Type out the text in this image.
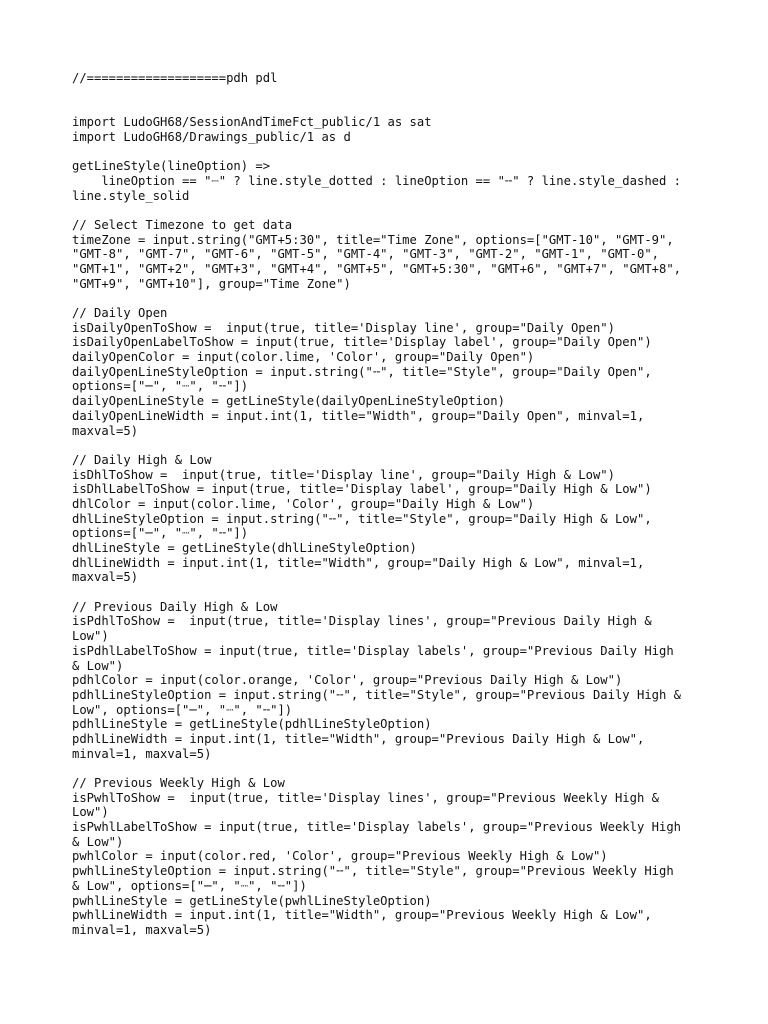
//===================pdh pdl
import LudoGH68/SessionAndTimeFct_public/1 as sat
import LudoGH68/Drawings_public/1 as d
getLineStyle(lineOption) =>
lineOption == "┈" ? line.style_dotted : lineOption == "╌" ? line.style_dashed :
line.style_solid
// Select Timezone to get data
timeZone = input.string("GMT+5:30", title="Time Zone", options=["GMT-10", "GMT-9",
"GMT-8", "GMT-7", "GMT-6", "GMT-5", "GMT-4", "GMT-3", "GMT-2", "GMT-1", "GMT-0",
"GMT+1", "GMT+2", "GMT+3", "GMT+4", "GMT+5", "GMT+5:30", "GMT+6", "GMT+7", "GMT+8",
"GMT+9", "GMT+10"], group="Time Zone")
// Daily Open
isDailyOpenToShow =  input(true, title='Display line', group="Daily Open")
isDailyOpenLabelToShow = input(true, title='Display label', group="Daily Open")
dailyOpenColor = input(color.lime, 'Color', group="Daily Open")
dailyOpenLineStyleOption = input.string("╌", title="Style", group="Daily Open",
options=["─", "┈", "╌"])
dailyOpenLineStyle = getLineStyle(dailyOpenLineStyleOption)
dailyOpenLineWidth = input.int(1, title="Width", group="Daily Open", minval=1,
maxval=5)
// Daily High & Low
isDhlToShow =  input(true, title='Display line', group="Daily High & Low")
isDhlLabelToShow = input(true, title='Display label', group="Daily High & Low")
dhlColor = input(color.lime, 'Color', group="Daily High & Low")
dhlLineStyleOption = input.string("╌", title="Style", group="Daily High & Low",
options=["─", "┈", "╌"])
dhlLineStyle = getLineStyle(dhlLineStyleOption)
dhlLineWidth = input.int(1, title="Width", group="Daily High & Low", minval=1,
maxval=5)
// Previous Daily High & Low
isPdhlToShow =  input(true, title='Display lines', group="Previous Daily High &
Low")
isPdhlLabelToShow = input(true, title='Display labels', group="Previous Daily High
& Low")
pdhlColor = input(color.orange, 'Color', group="Previous Daily High & Low")
pdhlLineStyleOption = input.string("╌", title="Style", group="Previous Daily High &
Low", options=["─", "┈", "╌"])
pdhlLineStyle = getLineStyle(pdhlLineStyleOption)
pdhlLineWidth = input.int(1, title="Width", group="Previous Daily High & Low",
minval=1, maxval=5)
// Previous Weekly High & Low
isPwhlToShow =  input(true, title='Display lines', group="Previous Weekly High &
Low")
isPwhlLabelToShow = input(true, title='Display labels', group="Previous Weekly High
& Low")
pwhlColor = input(color.red, 'Color', group="Previous Weekly High & Low")
pwhlLineStyleOption = input.string("╌", title="Style", group="Previous Weekly High
& Low", options=["─", "┈", "╌"])
pwhlLineStyle = getLineStyle(pwhlLineStyleOption)
pwhlLineWidth = input.int(1, title="Width", group="Previous Weekly High & Low",
minval=1, maxval=5)
